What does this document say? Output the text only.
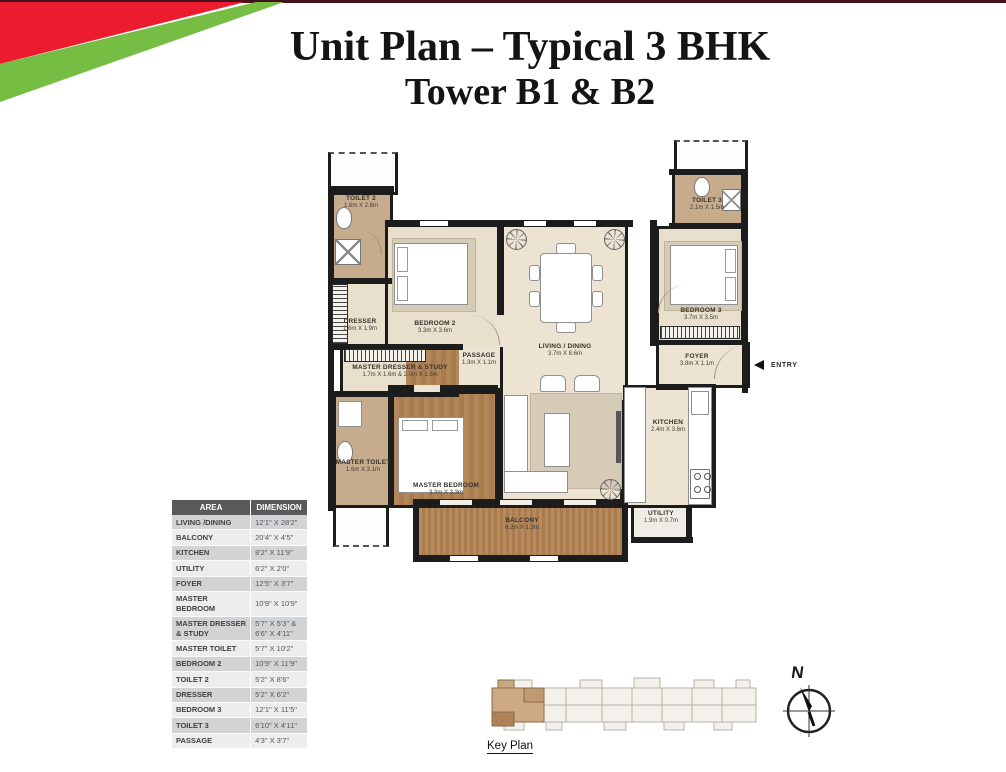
Unit Plan – Typical 3 BHK
Tower B1 & B2
TOILET 2
1.6m X 2.6m
DRESSER
1.6m X 1.9m
BEDROOM 2
3.3m X 3.6m
PASSAGE
1.3m X 1.1m
LIVING / DINING
3.7m X 8.6m
MASTER DRESSER & STUDY
1.7m X 1.6m & 2.0m X 1.5m
MASTER TOILET
1.6m X 3.1m
MASTER BEDROOM
3.3m X 3.3m
TOILET 3
2.1m X 1.5m
BEDROOM 3
3.7m X 3.5m
FOYER
3.8m X 1.1m
KITCHEN
2.4m X 3.6m
UTILITY
1.9m X 0.7m
BALCONY
6.2m X 1.3m
ENTRY
AREA	DIMENSION
LIVING /DINING	12'1" X 28'2"
BALCONY	20'4" X 4'5"
KITCHEN	8'2" X 11'9"
UTILITY	6'2" X 2'0"
FOYER	12'5" X 3'7"
MASTER BEDROOM	10'9" X 10'9"
MASTER DRESSER & STUDY	5'7" X 5'3" & 6'6" X 4'11"
MASTER TOILET	5'7" X 10'2"
BEDROOM 2	10'9" X 11'9"
TOILET 2	5'2" X 8'6"
DRESSER	5'2" X 6'2"
BEDROOM 3	12'1" X 11'5"
TOILET 3	6'10" X 4'11"
PASSAGE	4'3" X 3'7"	Key Plan
N
